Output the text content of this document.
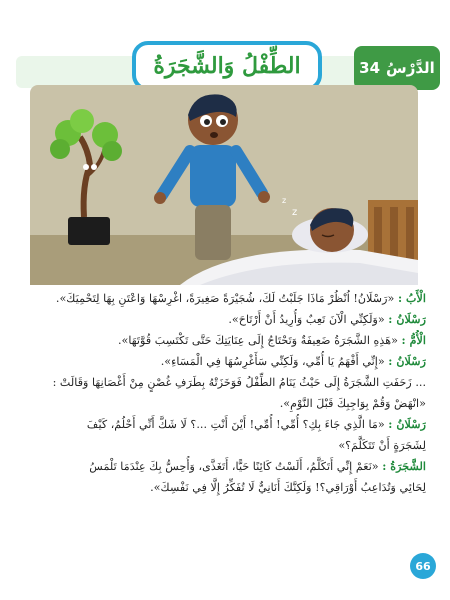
الدَّرْسُ
34
الطِّفْلُ وَالشَّجَرَةُ
z
z
الْأَبُ : «رَسْلَانُ! اُنْظُرْ مَاذَا جَلَبْتُ لَكَ، شُجَيْرَةً صَغِيرَةً، اغْرِسْهَا وَاعْتَنِ بِهَا لِتَحْمِيَكَ».
رَسْلَانُ : «وَلَكِنِّي الْآنَ تَعِبٌ وَأُرِيدُ أَنْ أَرْتَاحَ».
الْأُمُّ : «هَذِهِ الشَّجَرَةُ ضَعِيفَةٌ وَتَحْتَاجُ إِلَى عِنَايَتِكَ حَتَّى تَكْتَسِبَ قُوَّتَهَا».
رَسْلَانُ : «إِنِّي أَفْهَمُ يَا أُمِّي، وَلَكِنِّي سَأَغْرِسُهَا فِي الْمَسَاءِ».
... زَحَفَتِ الشَّجَرَةُ إِلَى حَيْثُ يَنَامُ الطِّفْلُ فَوَخَزَتْهُ بِطَرَفِ غُصْنٍ مِنْ أَغْصَانِهَا وَقَالَتْ :
«انْهَضْ وَقُمْ بِوَاجِبِكَ قَبْلَ النَّوْمِ».
رَسْلَانُ : «مَا الَّذِي جَاءَ بِكِ؟ أُمِّي! أُمِّي! أَيْنَ أَنْتِ ...؟ لَا شَكَّ أَنِّي أَحْلُمُ، كَيْفَ
لِشَجَرَةٍ أَنْ تَتَكَلَّمَ؟»
الشَّجَرَةُ : «نَعَمْ إِنِّي أَتَكَلَّمُ، أَلَسْتُ كَائِنًا حَيًّا، أَتَغَذَّى، وَأُحِسُّ بِكَ عِنْدَمَا تَلْمَسُ
لِحَائِي وَتُدَاعِبُ أَوْرَاقِي؟! وَلَكِنَّكَ أَنَانِيٌّ لَا تُفَكِّرُ إِلَّا فِي نَفْسِكَ».
66
